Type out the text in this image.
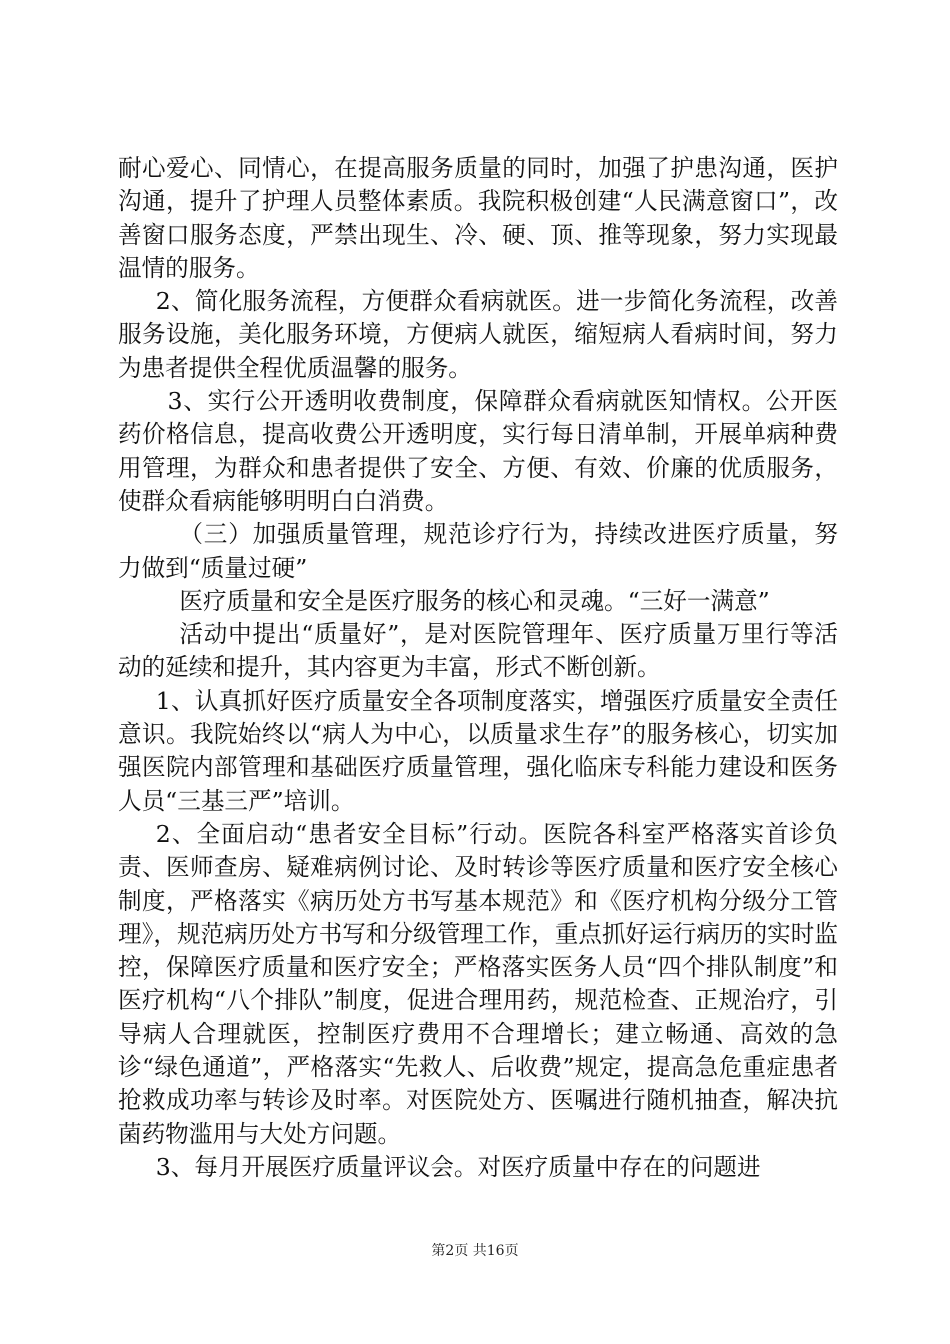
耐心爱心、同情心，在提高服务质量的同时，加强了护患沟通，医护沟通，提升了护理人员整体素质。我院积极创建“人民满意窗口”，改善窗口服务态度，严禁出现生、冷、硬、顶、推等现象，努力实现最温情的服务。

2、简化服务流程，方便群众看病就医。进一步简化务流程，改善服务设施，美化服务环境，方便病人就医，缩短病人看病时间，努力为患者提供全程优质温馨的服务。

3、实行公开透明收费制度，保障群众看病就医知情权。公开医药价格信息，提高收费公开透明度，实行每日清单制，开展单病种费用管理，为群众和患者提供了安全、方便、有效、价廉的优质服务，使群众看病能够明明白白消费。

（三）加强质量管理，规范诊疗行为，持续改进医疗质量，努力做到“质量过硬”

医疗质量和安全是医疗服务的核心和灵魂。“三好一满意”

活动中提出“质量好”，是对医院管理年、医疗质量万里行等活动的延续和提升，其内容更为丰富，形式不断创新。

1、认真抓好医疗质量安全各项制度落实，增强医疗质量安全责任意识。我院始终以“病人为中心，以质量求生存”的服务核心，切实加强医院内部管理和基础医疗质量管理，强化临床专科能力建设和医务人员“三基三严”培训。

2、全面启动“患者安全目标”行动。医院各科室严格落实首诊负责、医师查房、疑难病例讨论、及时转诊等医疗质量和医疗安全核心制度，严格落实《病历处方书写基本规范》和《医疗机构分级分工管理》，规范病历处方书写和分级管理工作，重点抓好运行病历的实时监控，保障医疗质量和医疗安全；严格落实医务人员“四个排队制度”和医疗机构“八个排队”制度，促进合理用药，规范检查、正规治疗，引导病人合理就医，控制医疗费用不合理增长；建立畅通、高效的急诊“绿色通道”，严格落实“先救人、后收费”规定，提高急危重症患者抢救成功率与转诊及时率。对医院处方、医嘱进行随机抽查，解决抗菌药物滥用与大处方问题。

3、每月开展医疗质量评议会。对医疗质量中存在的问题进

第2页 共16页
